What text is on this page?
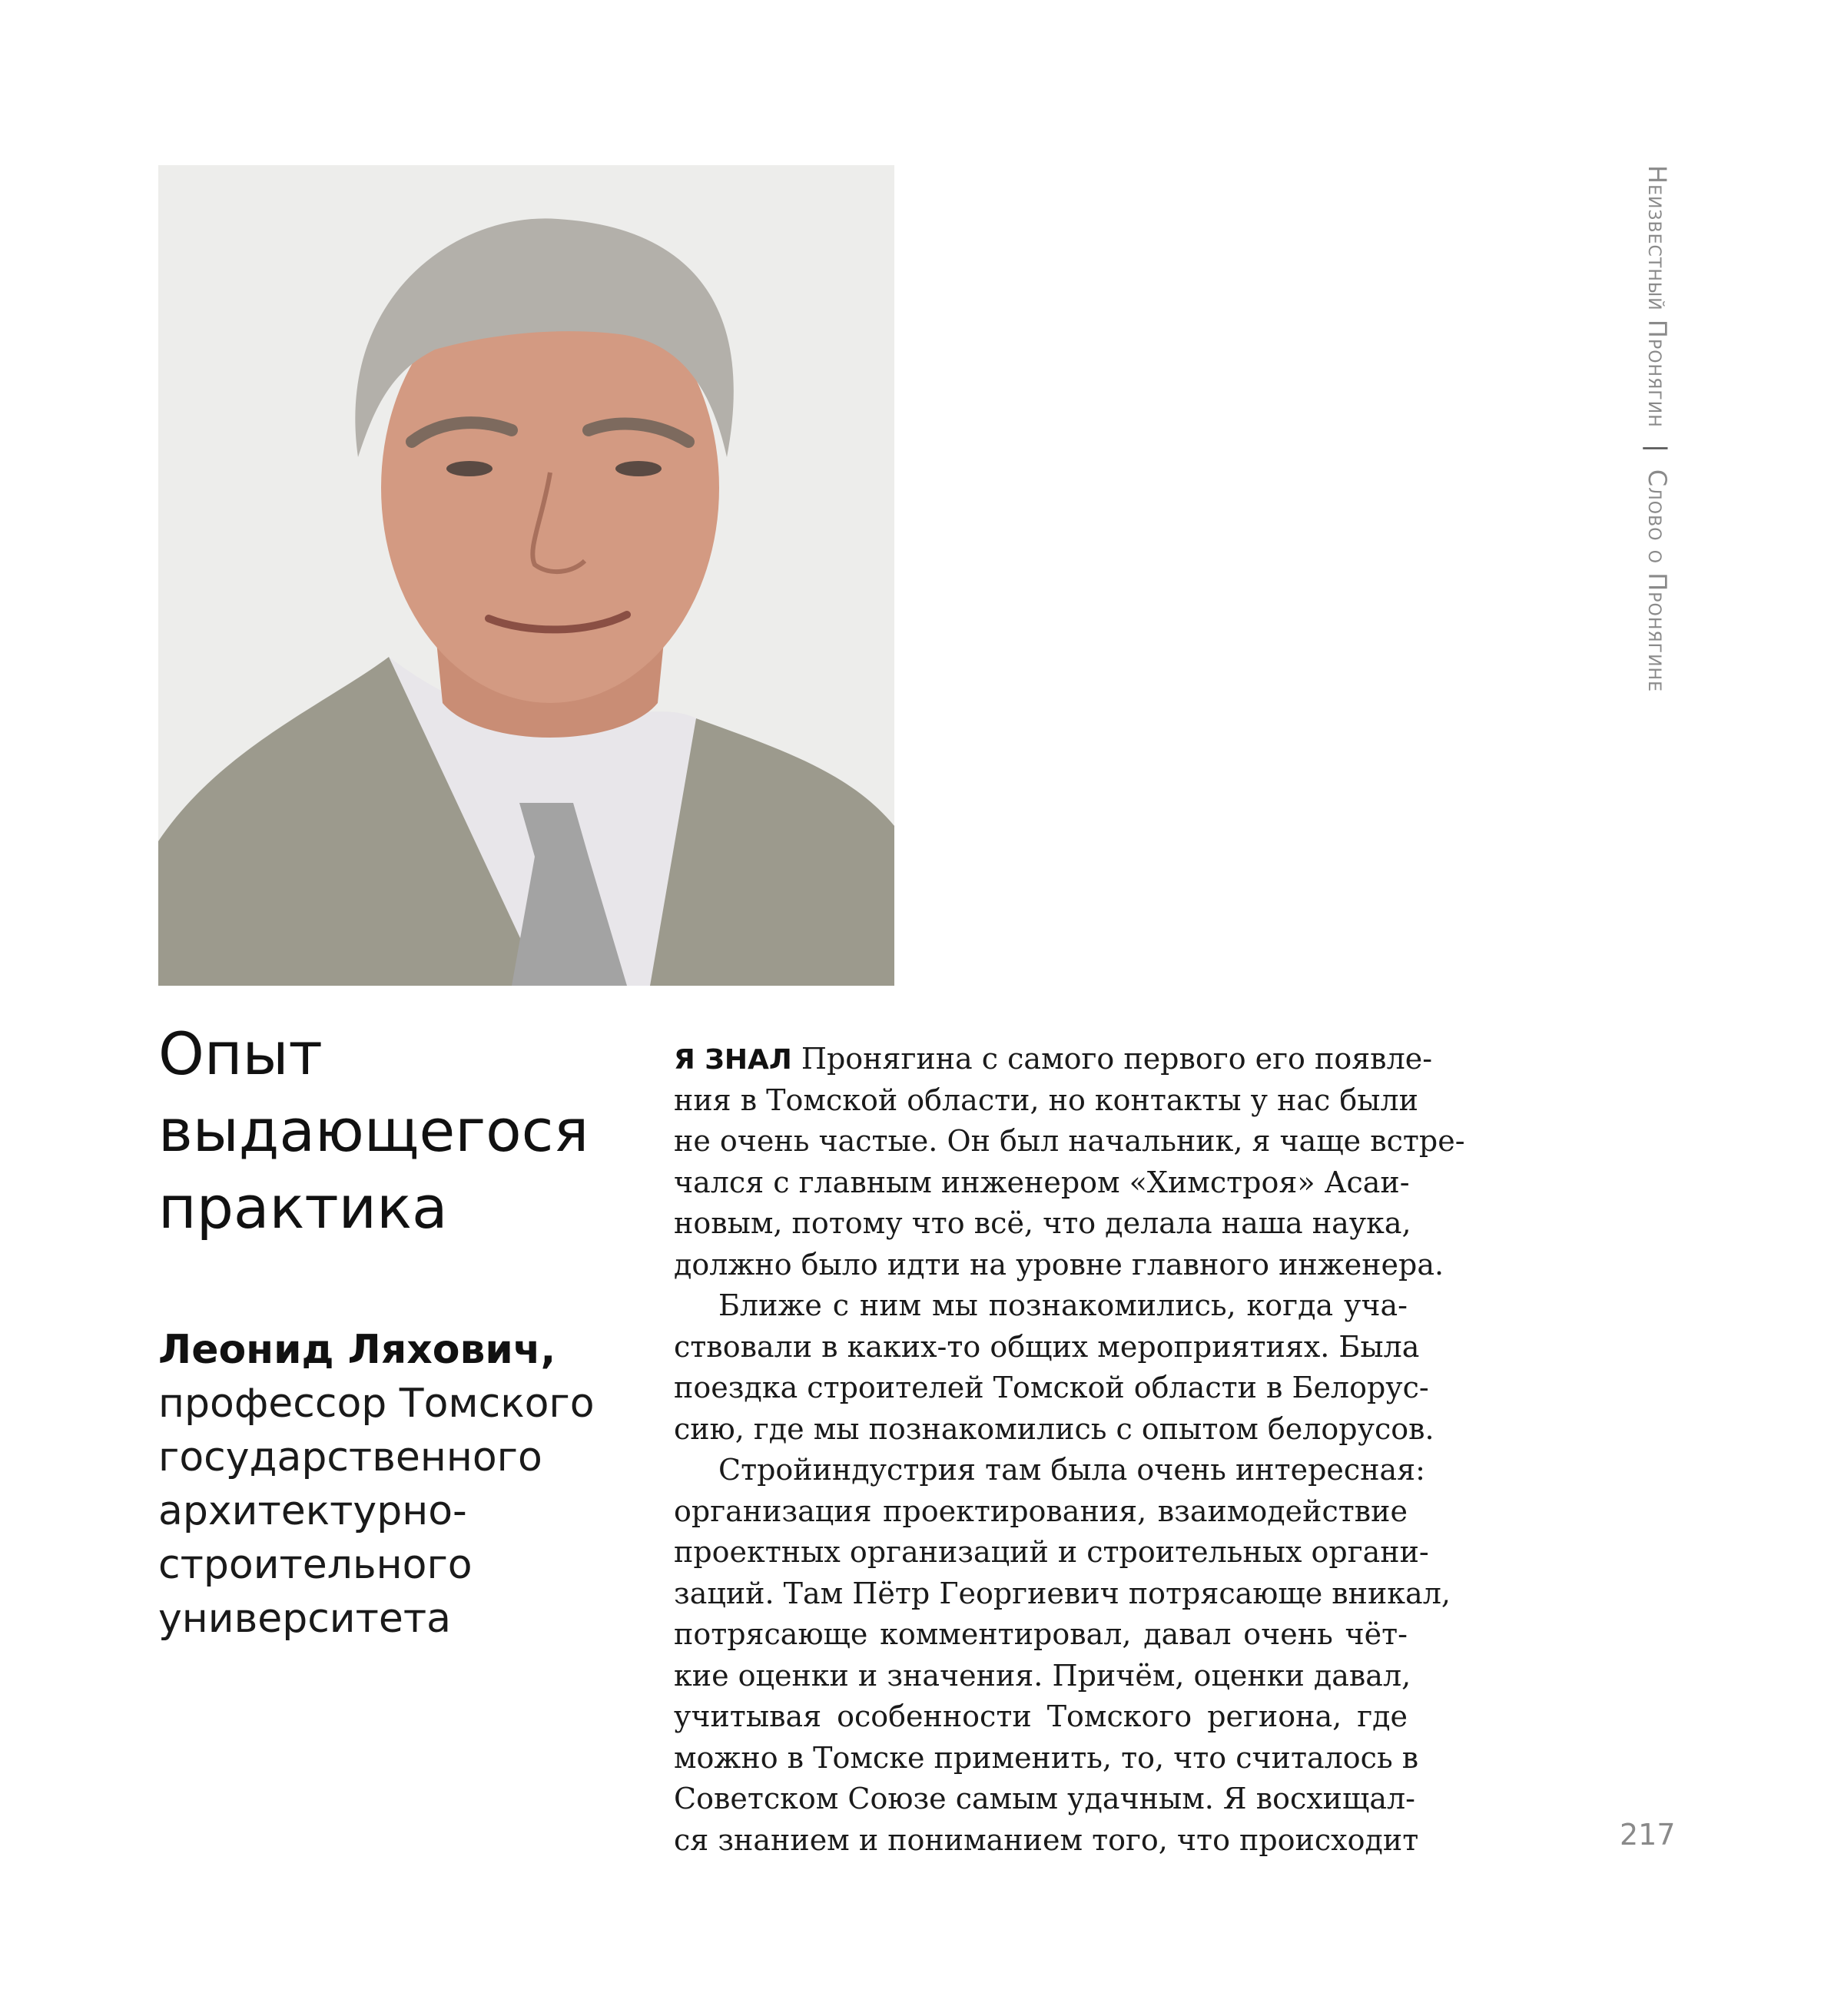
Неизвестный Пронягин | Слово о Пронягине
Опыт
выдающегося
практика
Леонид Ляхович,
профессор Томского
государственного
архитектурно-
строительного
университета

Я ЗНАЛ Пронягина с самого первого его появле-
ния в Томской области, но контакты у нас были
не очень частые. Он был начальник, я чаще встре-
чался с главным инженером «Химстроя» Асаи-
новым, потому что всё, что делала наша наука,
должно было идти на уровне главного инженера.

Ближе с ним мы познакомились, когда уча-
ствовали в каких-то общих мероприятиях. Была
поездка строителей Томской области в Белорус-
сию, где мы познакомились с опытом белорусов.

Стройиндустрия там была очень интересная:
организация проектирования, взаимодействие
проектных организаций и строительных органи-
заций. Там Пётр Георгиевич потрясающе вникал,
потрясающе комментировал, давал очень чёт-
кие оценки и значения. Причём, оценки давал,
учитывая особенности Томского региона, где
можно в Томске применить, то, что считалось в
Советском Союзе самым удачным. Я восхищал-
ся знанием и пониманием того, что происходит	217
